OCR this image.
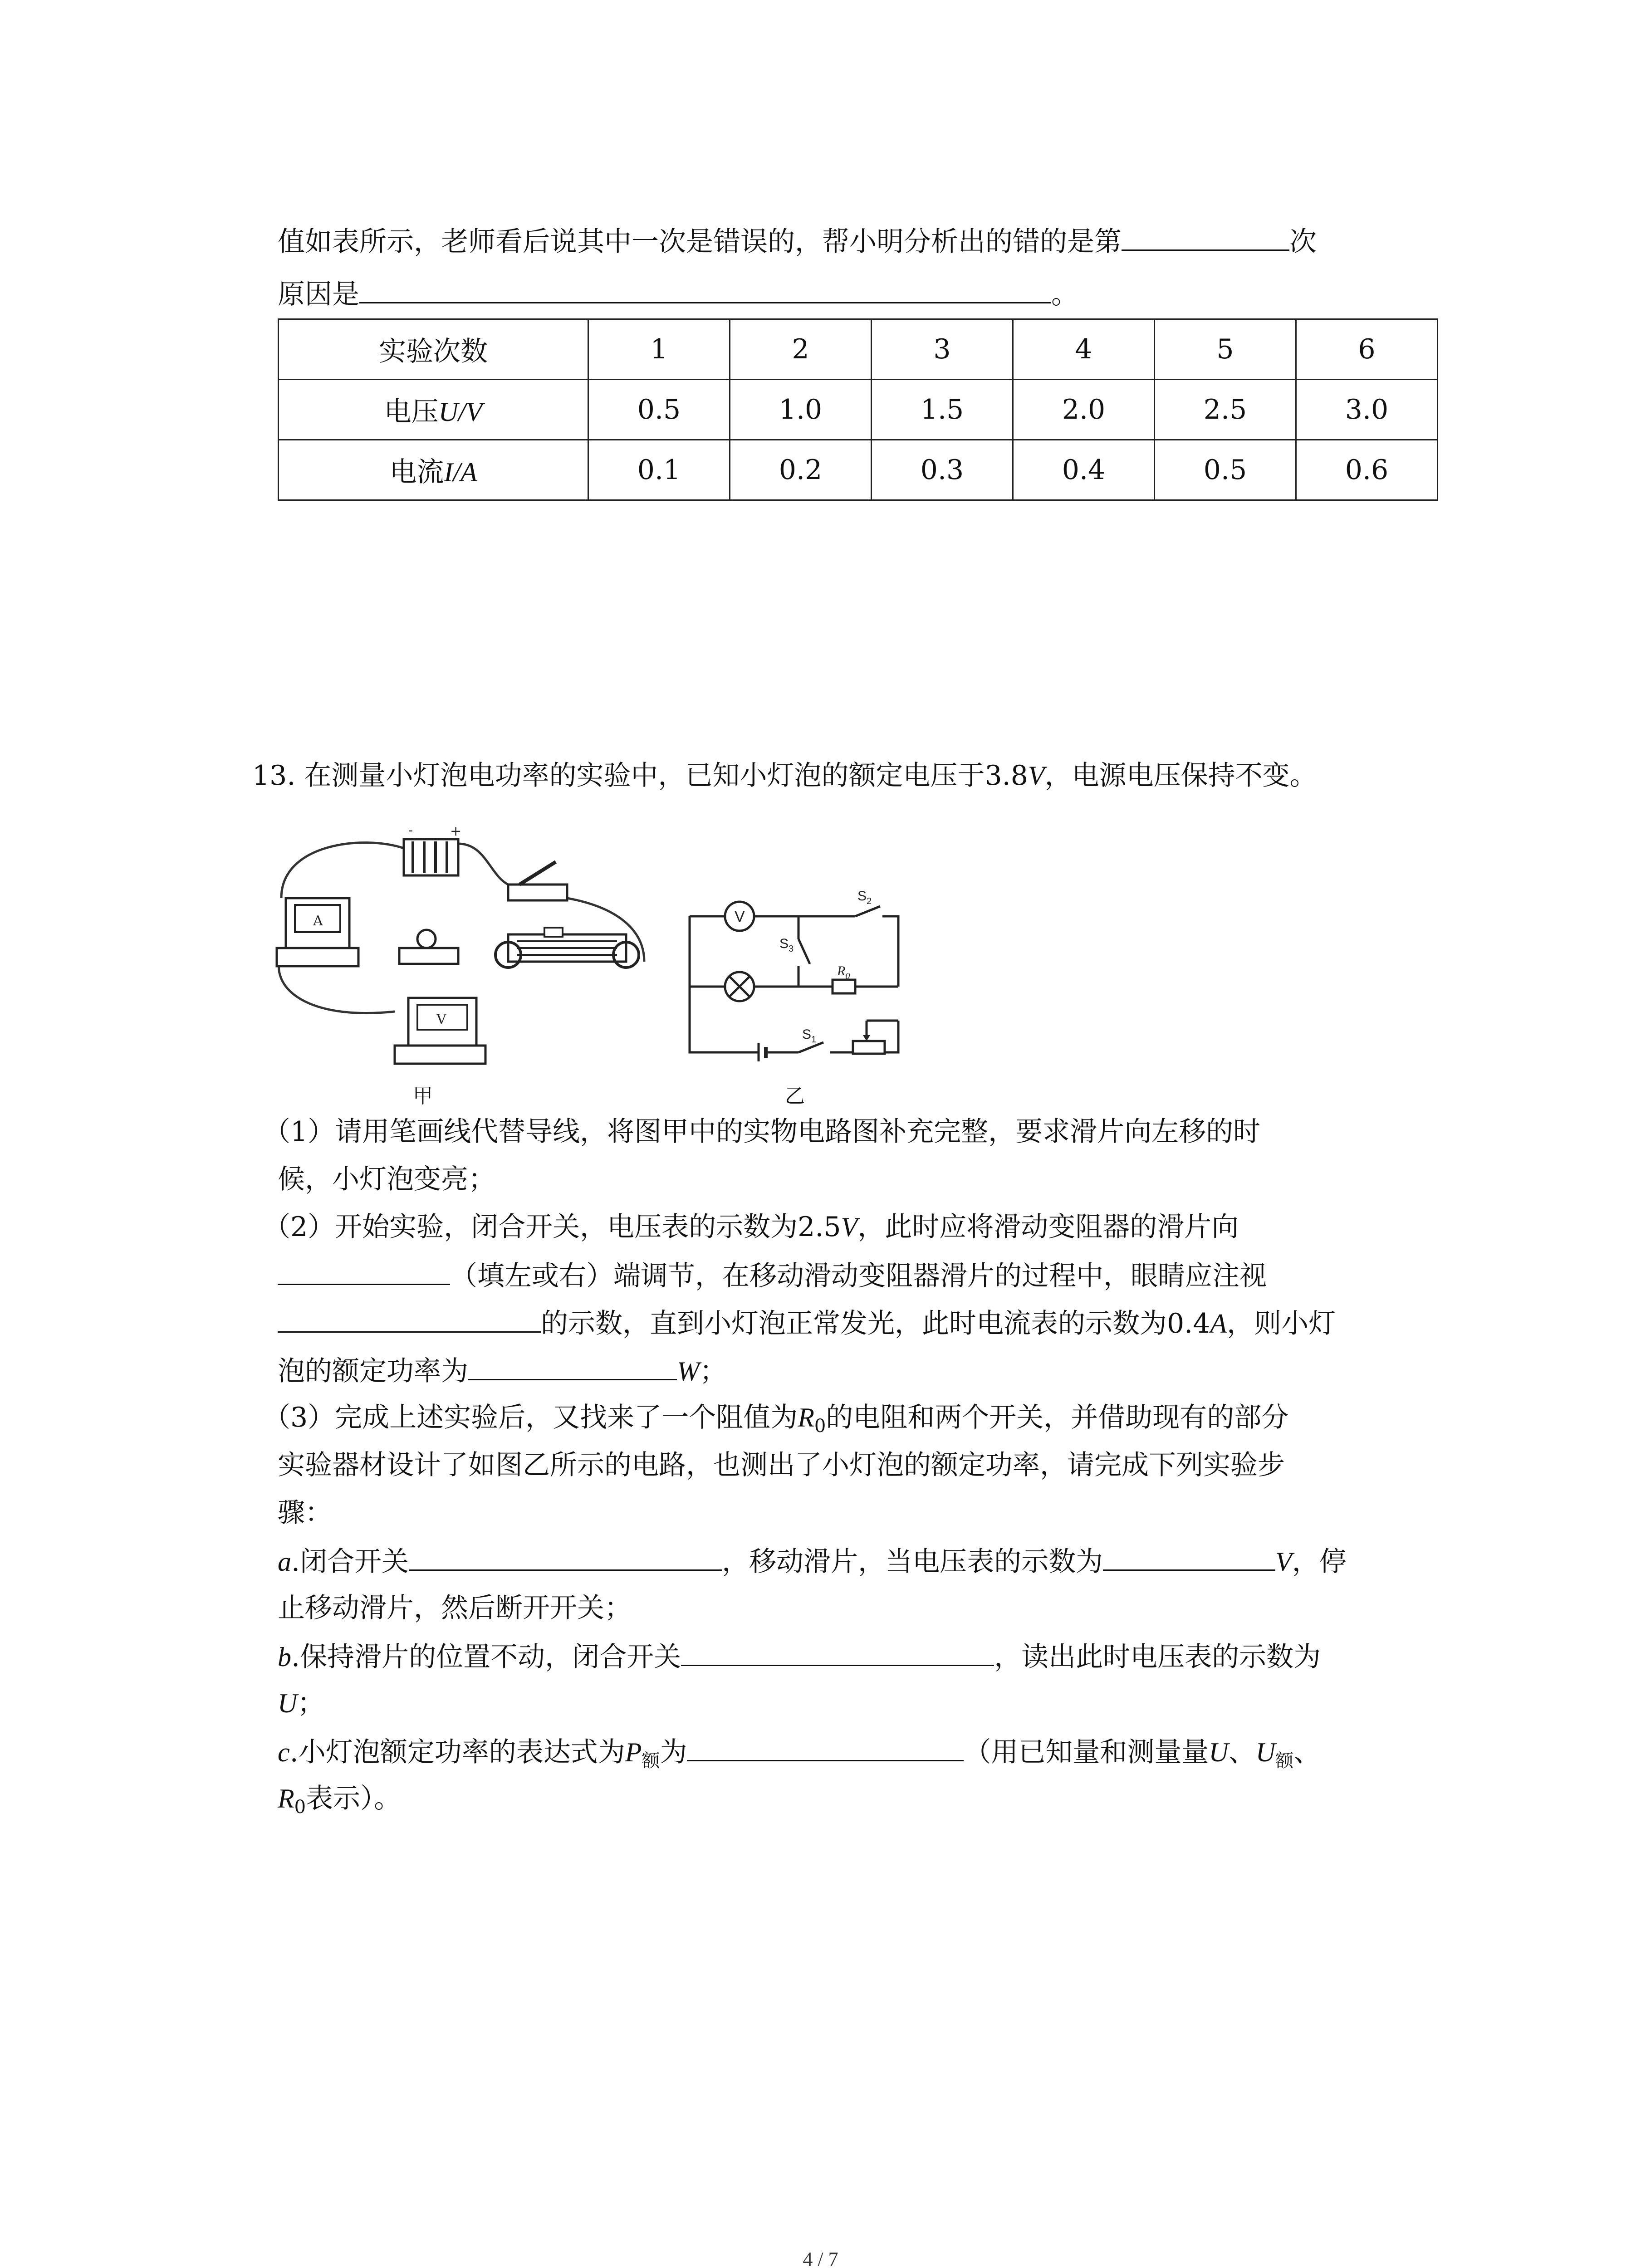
值如表所示，老师看后说其中一次是错误的，帮小明分析出的错的是第	次
原因是	。
实验次数	1	2	3	4	5	6
电压U/V	0.5	1.0	1.5	2.0	2.5	3.0
电流I/A	0.1	0.2	0.3	0.4	0.5	0.6
13. 在测量小灯泡电功率的实验中，已知小灯泡的额定电压于3.8V，电源电压保持不变。
-	+
A
V
V
$S_2$
$S_3$
$R_0$
$S_1$
甲	乙
（1）请用笔画线代替导线，将图甲中的实物电路图补充完整，要求滑片向左移的时
候，小灯泡变亮；
（2）开始实验，闭合开关，电压表的示数为2.5V，此时应将滑动变阻器的滑片向
（填左或右）端调节，在移动滑动变阻器滑片的过程中，眼睛应注视
的示数，直到小灯泡正常发光，此时电流表的示数为0.4A，则小灯
泡的额定功率为	W；
（3）完成上述实验后，又找来了一个阻值为$R_0$的电阻和两个开关，并借助现有的部分
实验器材设计了如图乙所示的电路，也测出了小灯泡的额定功率，请完成下列实验步
骤：
a.闭合开关	，移动滑片，当电压表的示数为	V，停
止移动滑片，然后断开开关；
b.保持滑片的位置不动，闭合开关	，读出此时电压表的示数为
U；
c.小灯泡额定功率的表达式为$P_额$为	（用已知量和测量量U、$U_额$、
$R_0$表示）。
4 / 7
